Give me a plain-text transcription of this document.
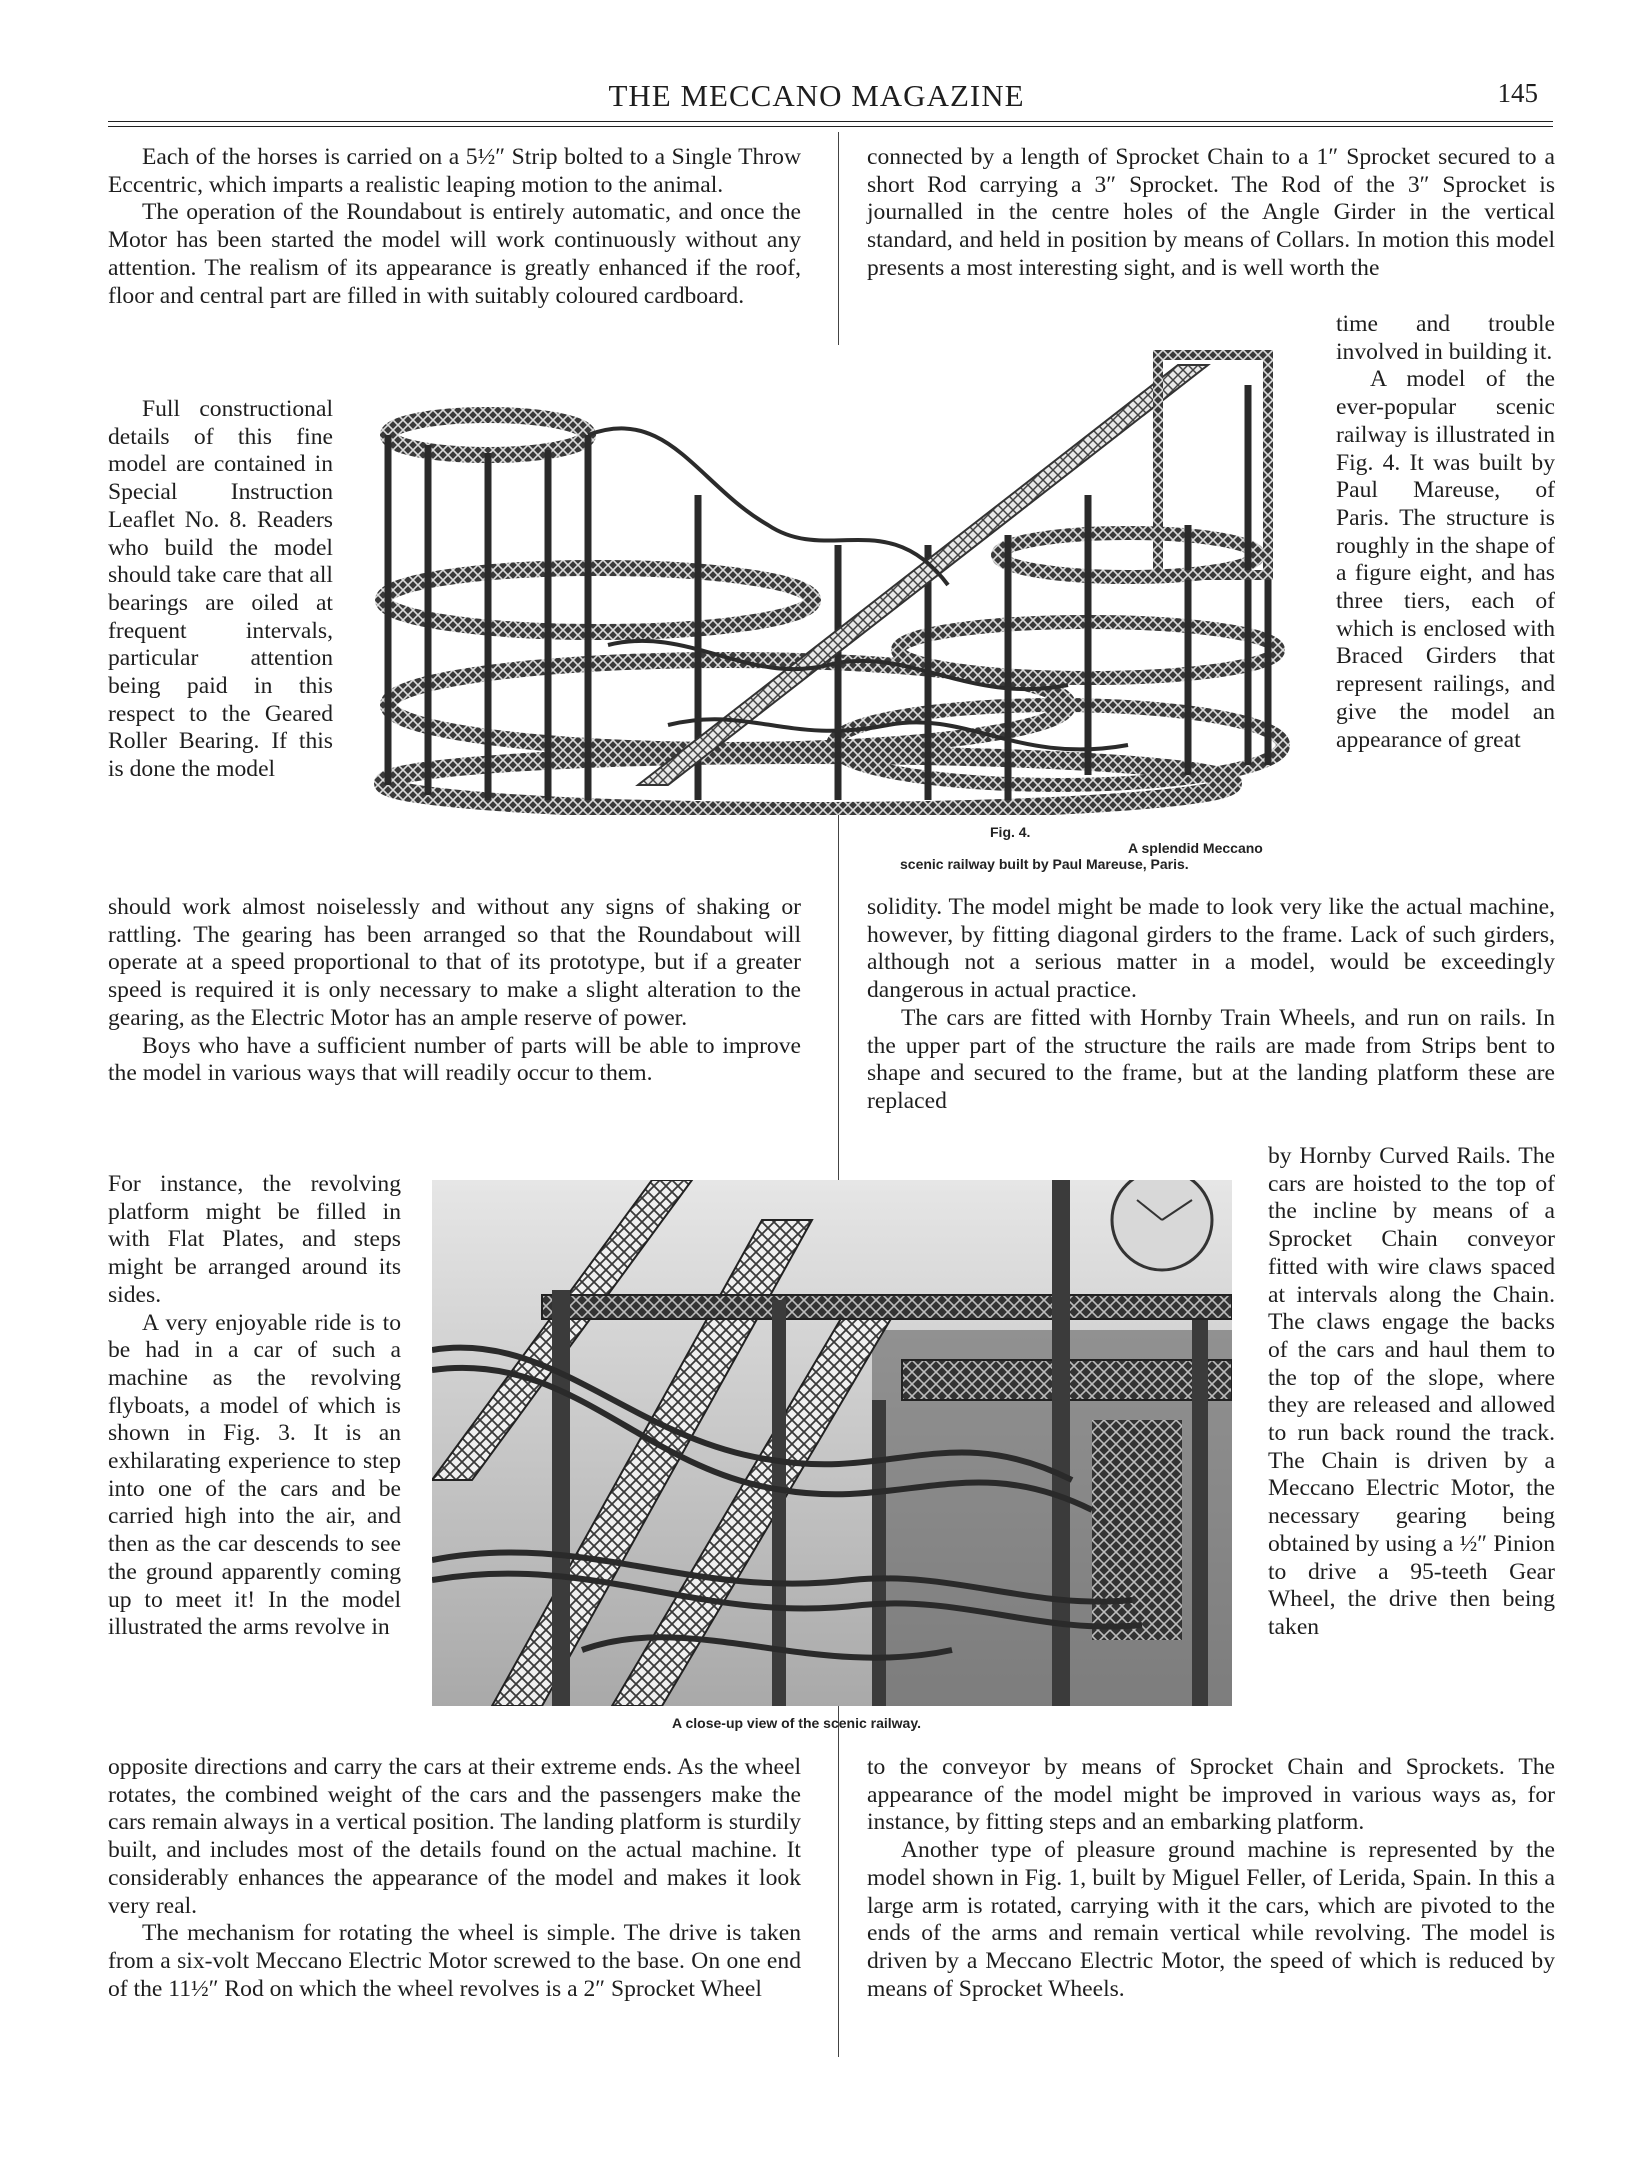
THE MECCANO MAGAZINE	145

Each of the horses is carried on a 5½″ Strip bolted to a Single Throw Eccentric, which imparts a realistic leaping motion to the animal.

The operation of the Roundabout is entirely automatic, and once the Motor has been started the model will work continuously without any attention. The realism of its appearance is greatly enhanced if the roof, floor and central part are filled in with suitably coloured cardboard.

Full constructional details of this fine model are contained in Special Instruction Leaflet No. 8. Readers who build the model should take care that all bearings are oiled at frequent intervals, particular attention being paid in this respect to the Geared Roller Bearing. If this is done the model

should work almost noiselessly and without any signs of shaking or rattling. The gearing has been arranged so that the Roundabout will operate at a speed proportional to that of its prototype, but if a greater speed is required it is only necessary to make a slight alteration to the gearing, as the Electric Motor has an ample reserve of power.

Boys who have a sufficient number of parts will be able to improve the model in various ways that will readily occur to them.

For instance, the revolving platform might be filled in with Flat Plates, and steps might be arranged around its sides.

A very enjoyable ride is to be had in a car of such a machine as the revolving flyboats, a model of which is shown in Fig. 3. It is an exhilarating experience to step into one of the cars and be carried high into the air, and then as the car descends to see the ground apparently coming up to meet it! In the model illustrated the arms revolve in

opposite directions and carry the cars at their extreme ends. As the wheel rotates, the combined weight of the cars and the passengers make the cars remain always in a vertical position. The landing platform is sturdily built, and includes most of the details found on the actual machine. It considerably enhances the appearance of the model and makes it look very real.

The mechanism for rotating the wheel is simple. The drive is taken from a six-volt Meccano Electric Motor screwed to the base. On one end of the 11½″ Rod on which the wheel revolves is a 2″ Sprocket Wheel

connected by a length of Sprocket Chain to a 1″ Sprocket secured to a short Rod carrying a 3″ Sprocket. The Rod of the 3″ Sprocket is journalled in the centre holes of the Angle Girder in the vertical standard, and held in position by means of Collars. In motion this model presents a most interesting sight, and is well worth the

time and trouble involved in building it.

A model of the ever-popular scenic railway is illustrated in Fig. 4. It was built by Paul Mareuse, of Paris. The structure is roughly in the shape of a figure eight, and has three tiers, each of which is enclosed with Braced Girders that represent railings, and give the model an appearance of great

solidity. The model might be made to look very like the actual machine, however, by fitting diagonal girders to the frame. Lack of such girders, although not a serious matter in a model, would be exceedingly dangerous in actual practice.

The cars are fitted with Hornby Train Wheels, and run on rails. In the upper part of the structure the rails are made from Strips bent to shape and secured to the frame, but at the landing platform these are replaced

by Hornby Curved Rails. The cars are hoisted to the top of the incline by means of a Sprocket Chain conveyor fitted with wire claws spaced at intervals along the Chain. The claws engage the backs of the cars and haul them to the top of the slope, where they are released and allowed to run back round the track. The Chain is driven by a Meccano Electric Motor, the necessary gearing being obtained by using a ½″ Pinion to drive a 95-teeth Gear Wheel, the drive then being taken

to the conveyor by means of Sprocket Chain and Sprockets. The appearance of the model might be improved in various ways as, for instance, by fitting steps and an embarking platform.

Another type of pleasure ground machine is represented by the model shown in Fig. 1, built by Miguel Feller, of Lerida, Spain. In this a large arm is rotated, carrying with it the cars, which are pivoted to the ends of the arms and remain vertical while revolving. The model is driven by a Meccano Electric Motor, the speed of which is reduced by means of Sprocket Wheels.

Fig. 4.
A splendid Meccano
scenic railway built by Paul Mareuse, Paris.
A close-up view of the scenic railway.
